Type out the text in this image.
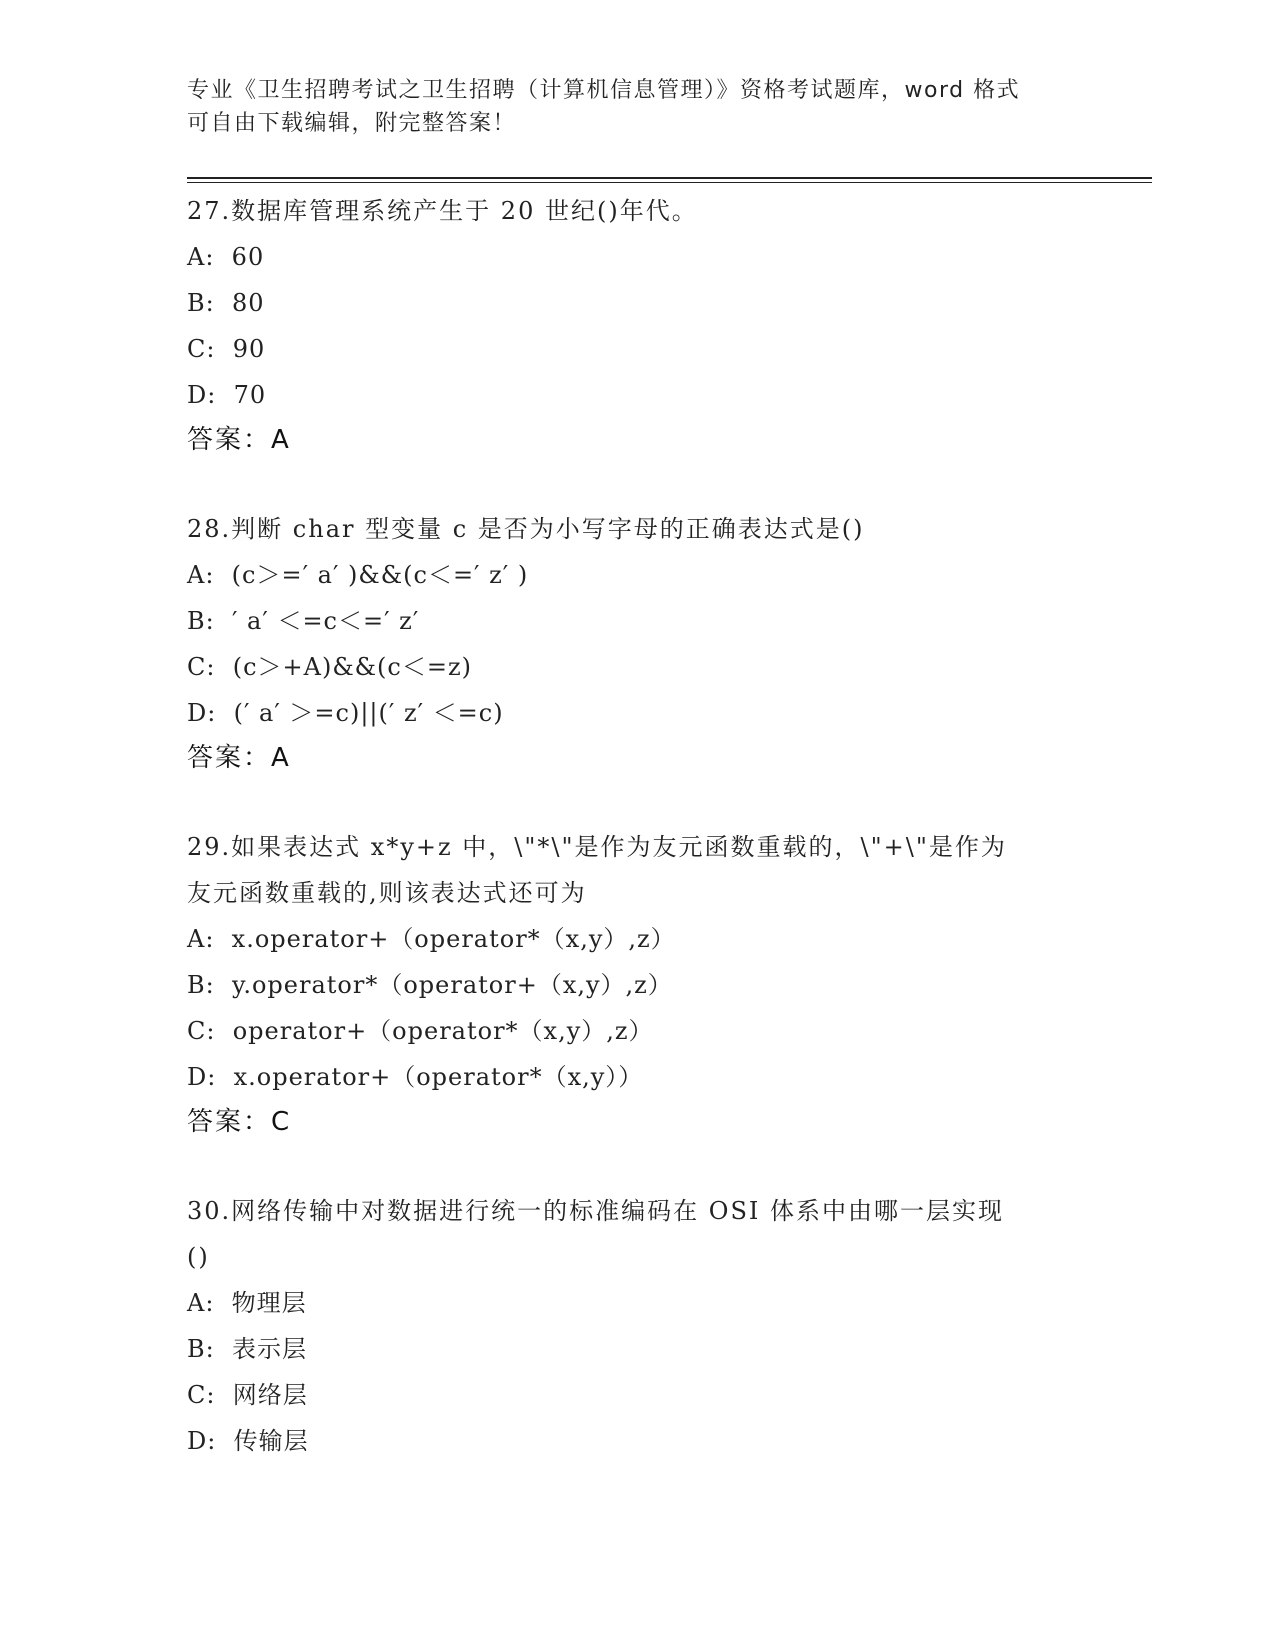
专业《卫生招聘考试之卫生招聘（计算机信息管理）》资格考试题库，word 格式
可自由下载编辑，附完整答案！
27.数据库管理系统产生于 20 世纪()年代。
A:  60
B:  80
C:  90
D:  70
答案：A
28.判断 char 型变量 c 是否为小写字母的正确表达式是()
A:  (c＞=′ a′ )&&(c＜=′ z′ )
B:  ′ a′ ＜=c＜=′ z′
C:  (c＞+A)&&(c＜=z)
D:  (′ a′ ＞=c)||(′ z′ ＜=c)
答案：A
29.如果表达式 x*y+z 中，\"*\"是作为友元函数重载的，\"+\"是作为
友元函数重载的,则该表达式还可为
A:  x.operator+（operator*（x,y）,z）
B:  y.operator*（operator+（x,y）,z）
C:  operator+（operator*（x,y）,z）
D:  x.operator+（operator*（x,y））
答案：C
30.网络传输中对数据进行统一的标准编码在 OSI 体系中由哪一层实现
()
A:  物理层
B:  表示层
C:  网络层
D:  传输层
